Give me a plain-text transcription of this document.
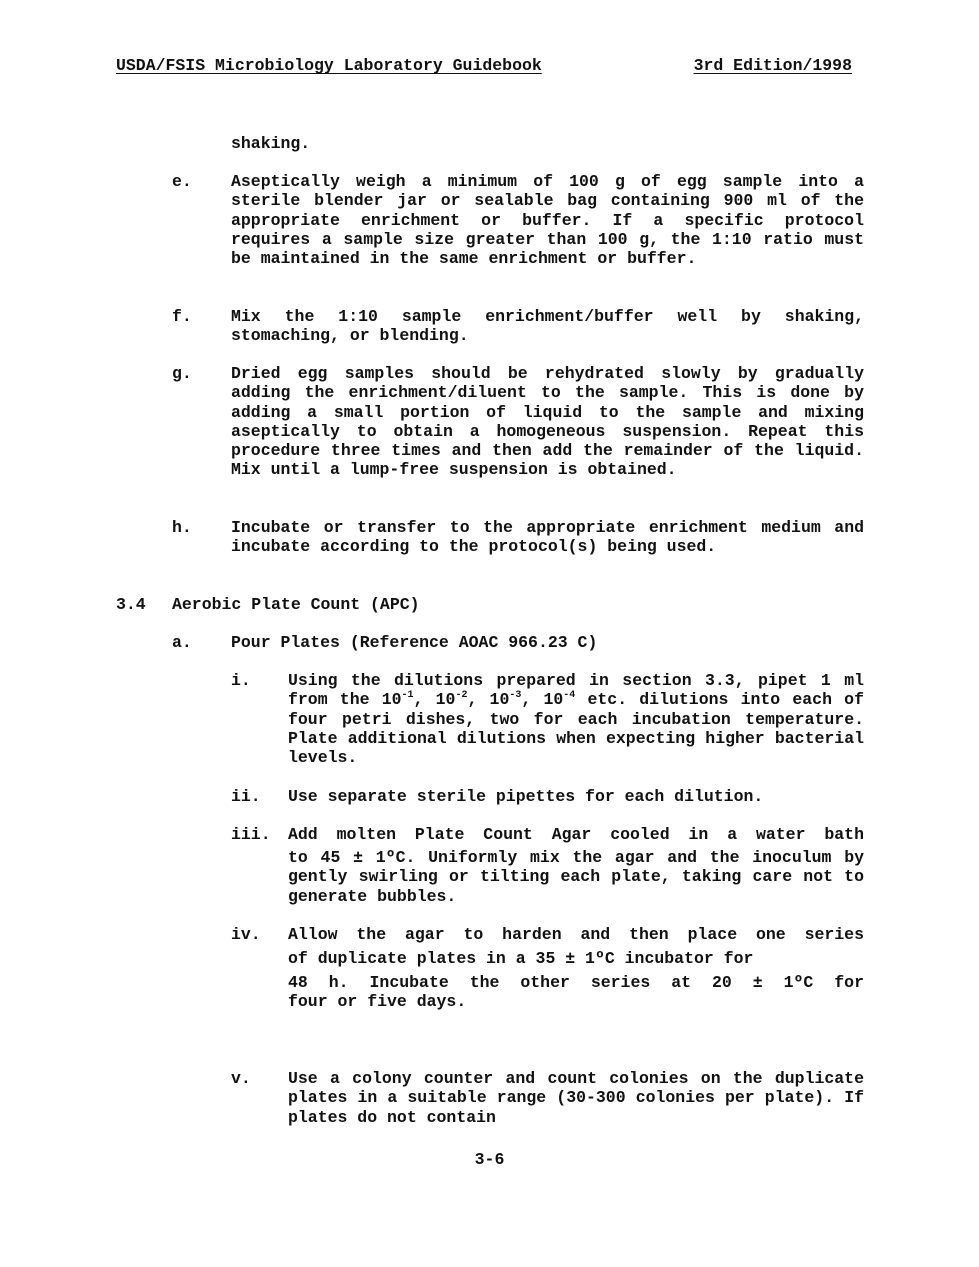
USDA/FSIS Microbiology Laboratory Guidebook	3rd Edition/1998
shaking.
e. Aseptically weigh a minimum of 100 g of egg sample into a sterile blender jar or sealable bag containing 900 ml of the appropriate enrichment or buffer. If a specific protocol requires a sample size greater than 100 g, the 1:10 ratio must be maintained in the same enrichment or buffer.
f. Mix the 1:10 sample enrichment/buffer well by shaking, stomaching, or blending.
g. Dried egg samples should be rehydrated slowly by gradually adding the enrichment/diluent to the sample. This is done by adding a small portion of liquid to the sample and mixing aseptically to obtain a homogeneous suspension. Repeat this procedure three times and then add the remainder of the liquid. Mix until a lump-free suspension is obtained.
h. Incubate or transfer to the appropriate enrichment medium and incubate according to the protocol(s) being used.
3.4 Aerobic Plate Count (APC)
a. Pour Plates (Reference AOAC 966.23 C)
i. Using the dilutions prepared in section 3.3, pipet 1 ml from the $10^{-1}$, $10^{-2}$, $10^{-3}$, $10^{-4}$ etc. dilutions into each of four petri dishes, two for each incubation temperature. Plate additional dilutions when expecting higher bacterial levels.
ii. Use separate sterile pipettes for each dilution.
iii. Add molten Plate Count Agar cooled in a water bath
to 45 ± 1ºC. Uniformly mix the agar and the inoculum by gently swirling or tilting each plate, taking care not to generate bubbles.
iv. Allow the agar to harden and then place one series
of duplicate plates in a 35 ± 1ºC incubator for
48 h. Incubate the other series at 20 ± 1ºC for
four or five days.
v. Use a colony counter and count colonies on the duplicate plates in a suitable range (30-300 colonies per plate). If plates do not contain
3-6
